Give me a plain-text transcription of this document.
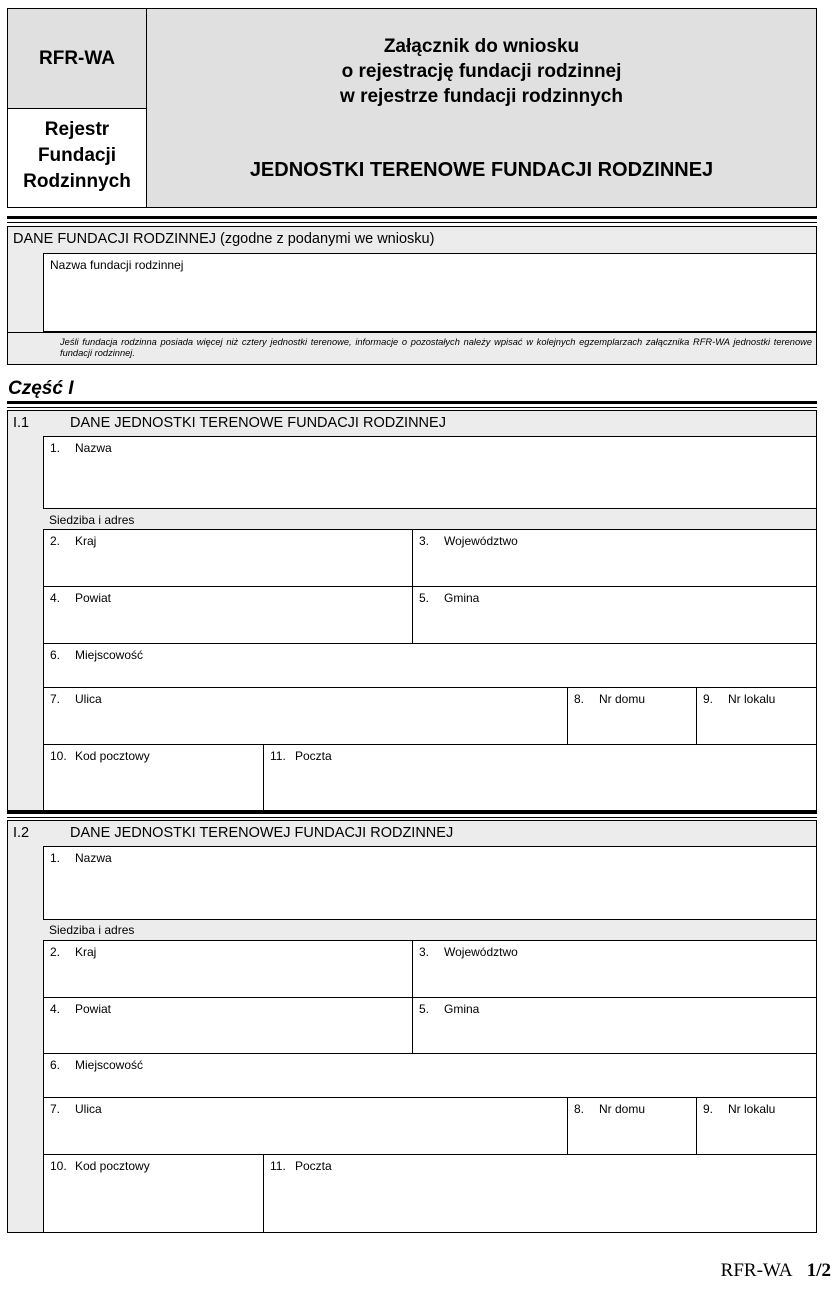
RFR-WA
Rejestr
Fundacji
Rodzinnych
Załącznik do wniosku
o rejestrację fundacji rodzinnej
w rejestrze fundacji rodzinnych
JEDNOSTKI TERENOWE FUNDACJI RODZINNEJ
DANE FUNDACJI RODZINNEJ (zgodne z podanymi we wniosku)
Nazwa fundacji rodzinnej
Jeśli fundacja rodzinna posiada więcej niż cztery jednostki terenowe, informacje o pozostałych należy wpisać w kolejnych egzemplarzach załącznika RFR-WA jednostki terenowe fundacji rodzinnej.
Część I
I.1	DANE JEDNOSTKI TERENOWE FUNDACJI RODZINNEJ
1. Nazwa
Siedziba i adres
2. Kraj	3. Województwo
4. Powiat	5. Gmina
6. Miejscowość
7. Ulica	8. Nr domu	9. Nr lokalu
10. Kod pocztowy	11. Poczta
I.2	DANE JEDNOSTKI TERENOWEJ FUNDACJI RODZINNEJ
1. Nazwa
Siedziba i adres
2. Kraj	3. Województwo
4. Powiat	5. Gmina
6. Miejscowość
7. Ulica	8. Nr domu	9. Nr lokalu
10. Kod pocztowy	11. Poczta
RFR-WA 1/2
